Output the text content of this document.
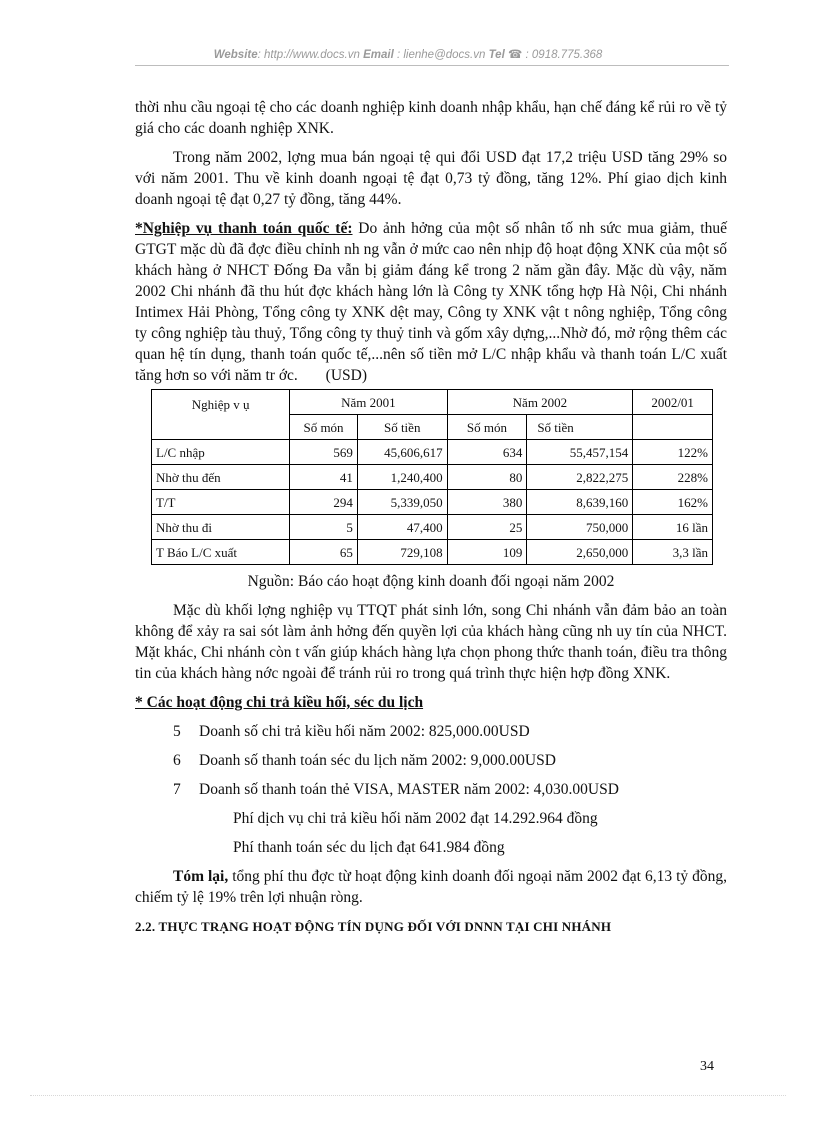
Website: http://www.docs.vn Email : lienhe@docs.vn Tel ☎ : 0918.775.368

thời nhu cầu ngoại tệ cho các doanh nghiệp kinh doanh nhập khẩu, hạn chế đáng kể rủi ro về tỷ giá cho các doanh nghiệp XNK.

Trong năm 2002, lợng mua bán ngoại tệ qui đổi USD đạt 17,2 triệu USD tăng 29% so với năm 2001. Thu về kinh doanh ngoại tệ đạt 0,73 tỷ đồng, tăng 12%. Phí giao dịch kinh doanh ngoại tệ đạt 0,27 tỷ đồng, tăng 44%.

*Nghiệp vụ thanh toán quốc tế: Do ảnh hởng của một số nhân tố nh sức mua giảm, thuế GTGT mặc dù đã đợc điều chỉnh nh ng vẫn ở mức cao nên nhịp độ hoạt động XNK của một số khách hàng ở NHCT Đống Đa vẫn bị giảm đáng kể trong 2 năm gần đây. Mặc dù vậy, năm 2002 Chi nhánh đã thu hút đợc khách hàng lớn là Công ty XNK tổng hợp Hà Nội, Chi nhánh Intimex Hải Phòng, Tổng công ty XNK dệt may, Công ty XNK vật t nông nghiệp, Tổng công ty công nghiệp tàu thuỷ, Tổng công ty thuỷ tinh và gốm xây dựng,...Nhờ đó, mở rộng thêm các quan hệ tín dụng, thanh toán quốc tế,...nên số tiền mở L/C nhập khẩu và thanh toán L/C xuất tăng hơn so với năm tr ớc. (USD)

Nghiệp v ụ	Năm 2001		Năm 2002		2002/01
	Số món	Số tiền	Số món	Số tiền	
L/C nhập	569	45,606,617	634	55,457,154	122%
Nhờ thu đến	41	1,240,400	80	2,822,275	228%
T/T	294	5,339,050	380	8,639,160	162%
Nhờ thu đi	5	47,400	25	750,000	16 lần
T Báo L/C xuất	65	729,108	109	2,650,000	3,3 lần

Nguồn: Báo cáo hoạt động kinh doanh đối ngoại năm 2002

Mặc dù khối lợng nghiệp vụ TTQT phát sinh lớn, song Chi nhánh vẫn đảm bảo an toàn không để xảy ra sai sót làm ảnh hởng đến quyền lợi của khách hàng cũng nh uy tín của NHCT. Mặt khác, Chi nhánh còn t vấn giúp khách hàng lựa chọn phong thức thanh toán, điều tra thông tin của khách hàng nớc ngoài để tránh rủi ro trong quá trình thực hiện hợp đồng XNK.

* Các hoạt động chi trả kiều hối, séc du lịch

5 Doanh số chi trả kiều hối năm 2002: 825,000.00USD
6 Doanh số thanh toán séc du lịch năm 2002: 9,000.00USD
7 Doanh số thanh toán thẻ VISA, MASTER năm 2002: 4,030.00USD
Phí dịch vụ chi trả kiều hối năm 2002 đạt 14.292.964 đồng
Phí thanh toán séc du lịch đạt 641.984 đồng

Tóm lại, tổng phí thu đợc từ hoạt động kinh doanh đối ngoại năm 2002 đạt 6,13 tỷ đồng, chiếm tỷ lệ 19% trên lợi nhuận ròng.

2.2. THỰC TRẠNG HOẠT ĐỘNG TÍN DỤNG ĐỐI VỚI DNNN TẠI CHI NHÁNH
34
